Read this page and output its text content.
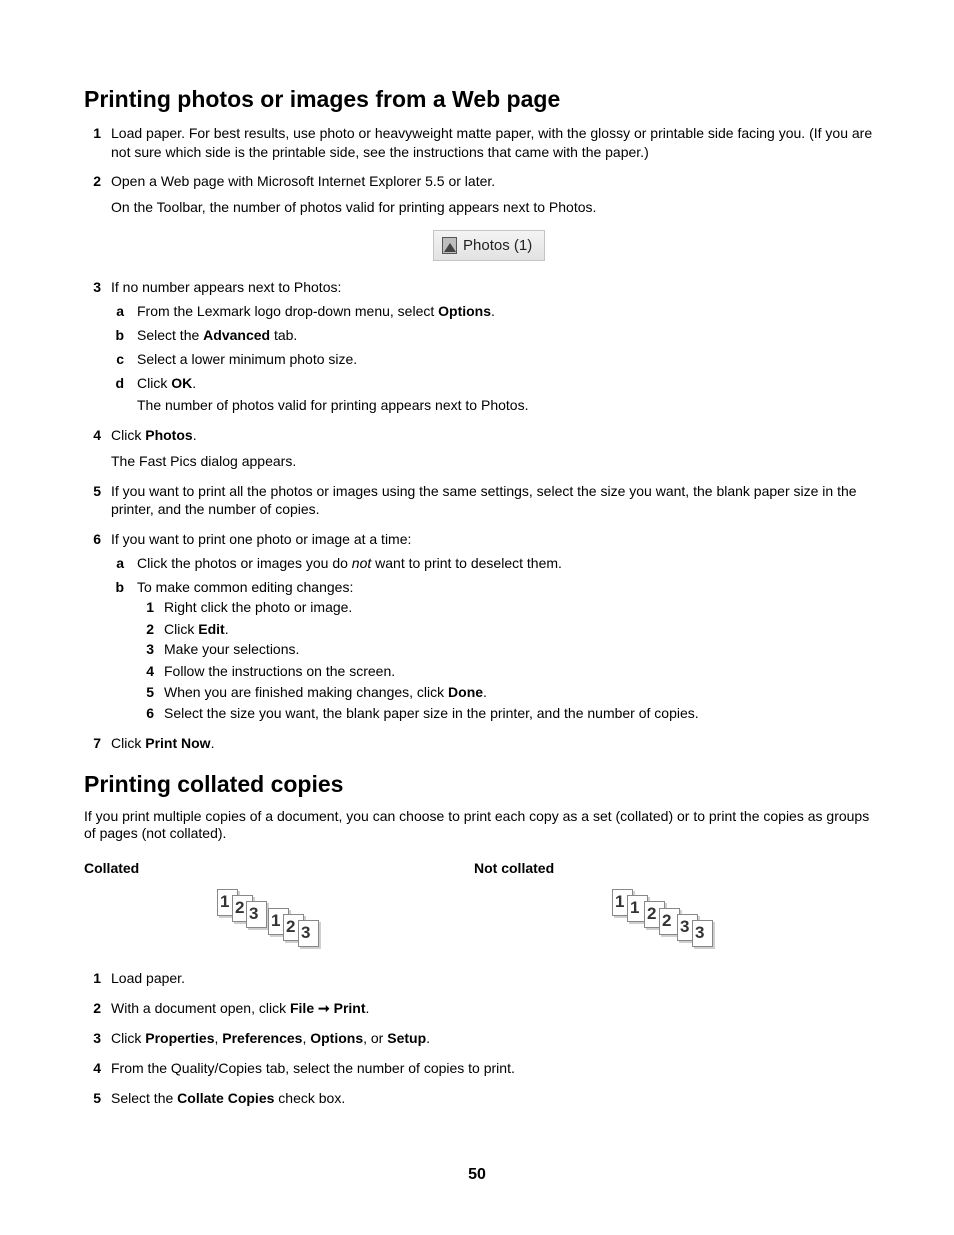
Printing photos or images from a Web page
1 Load paper. For best results, use photo or heavyweight matte paper, with the glossy or printable side facing you. (If you are not sure which side is the printable side, see the instructions that came with the paper.)
2 Open a Web page with Microsoft Internet Explorer 5.5 or later.
On the Toolbar, the number of photos valid for printing appears next to Photos.
Photos (1)
3 If no number appears next to Photos:
a From the Lexmark logo drop-down menu, select Options.
b Select the Advanced tab.
c Select a lower minimum photo size.
d Click OK.
The number of photos valid for printing appears next to Photos.
4 Click Photos.
The Fast Pics dialog appears.
5 If you want to print all the photos or images using the same settings, select the size you want, the blank paper size in the printer, and the number of copies.
6 If you want to print one photo or image at a time:
a Click the photos or images you do not want to print to deselect them.
b To make common editing changes:
1 Right click the photo or image.
2 Click Edit.
3 Make your selections.
4 Follow the instructions on the screen.
5 When you are finished making changes, click Done.
6 Select the size you want, the blank paper size in the printer, and the number of copies.
7 Click Print Now.
Printing collated copies
If you print multiple copies of a document, you can choose to print each copy as a set (collated) or to print the copies as groups of pages (not collated).
Collated	Not collated
1 2 3 1 2 3
1 1 2 2 3 3
1 Load paper.
2 With a document open, click File ➞ Print.
3 Click Properties, Preferences, Options, or Setup.
4 From the Quality/Copies tab, select the number of copies to print.
5 Select the Collate Copies check box.
50
